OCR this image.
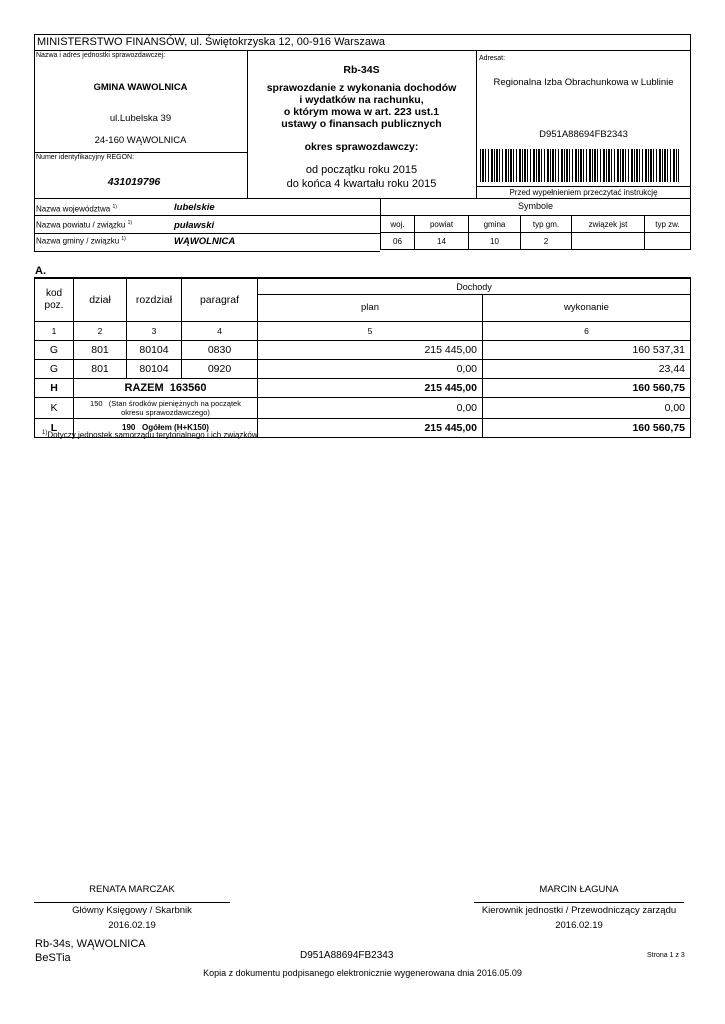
MINISTERSTWO FINANSÓW, ul. Świętokrzyska 12, 00-916 Warszawa
Nazwa i adres jednostki sprawozdawczej:
GMINA WAWOLNICA
ul.Lubelska 39
24-160 WĄWOLNICA
Numer identyfikacyjny REGON:
431019796
Rb-34S
sprawozdanie z wykonania dochodów
i wydatków na rachunku,
o którym mowa w art. 223 ust.1
ustawy o finansach publicznych
okres sprawozdawczy:
od początku roku 2015
do końca 4 kwartału roku 2015
Adresat:
Regionalna Izba Obrachunkowa w Lublinie
D951A88694FB2343
Przed wypełnieniem przeczytać instrukcję
Nazwa województwa $^{1)}$	lubelskie
Nazwa powiatu / związku $^{1)}$	puławski
Nazwa gminy / związku $^{1)}$	WĄWOLNICA
Symbole
woj.	powiat	gmina	typ gm.	związek jst	typ zw.
06	14	10	2		
A.
kod
poz.	dział	rozdział	paragraf	Dochody	
				plan	wykonanie
1	2	3	4	5	6
G	801	80104	0830	215 445,00	160 537,31
G	801	80104	0920	0,00	23,44
H	RAZEM  163560			215 445,00	160 560,75
K	150   (Stan środków pieniężnych na początek
okresu sprawozdawczego)			0,00	0,00
L	190   Ogółem (H+K150)			215 445,00	160 560,75
$^{1)}$Dotyczy jednostek samorządu terytorialnego i ich związków
RENATA MARCZAK
Główny Księgowy / Skarbnik
2016.02.19
MARCIN ŁAGUNA
Kierownik jednostki / Przewodniczący zarządu
2016.02.19
Rb-34s, WĄWOLNICA
BeSTia	D951A88694FB2343	Strona 1 z 3
Kopia z dokumentu podpisanego elektronicznie wygenerowana dnia 2016.05.09
